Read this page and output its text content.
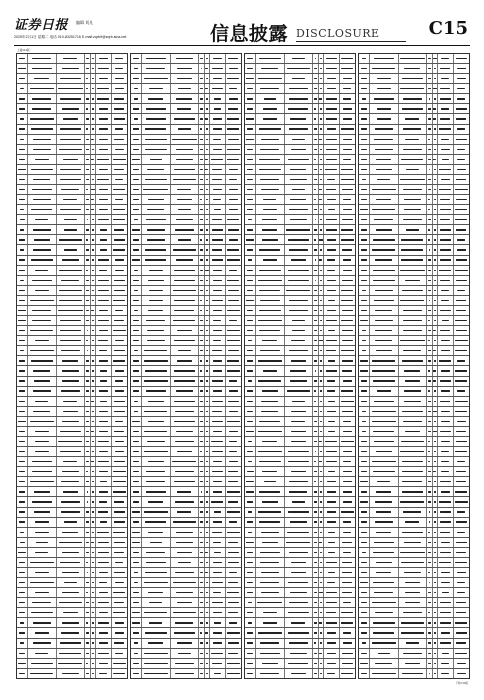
证券日报 编辑 刘凡
2025年2月1日 星期二 电话 010-83251716 E-mail:zqrb9@zqrb.sina.net	信息披露 DISCLOSURE	C15
上接C14版
下转C16版
